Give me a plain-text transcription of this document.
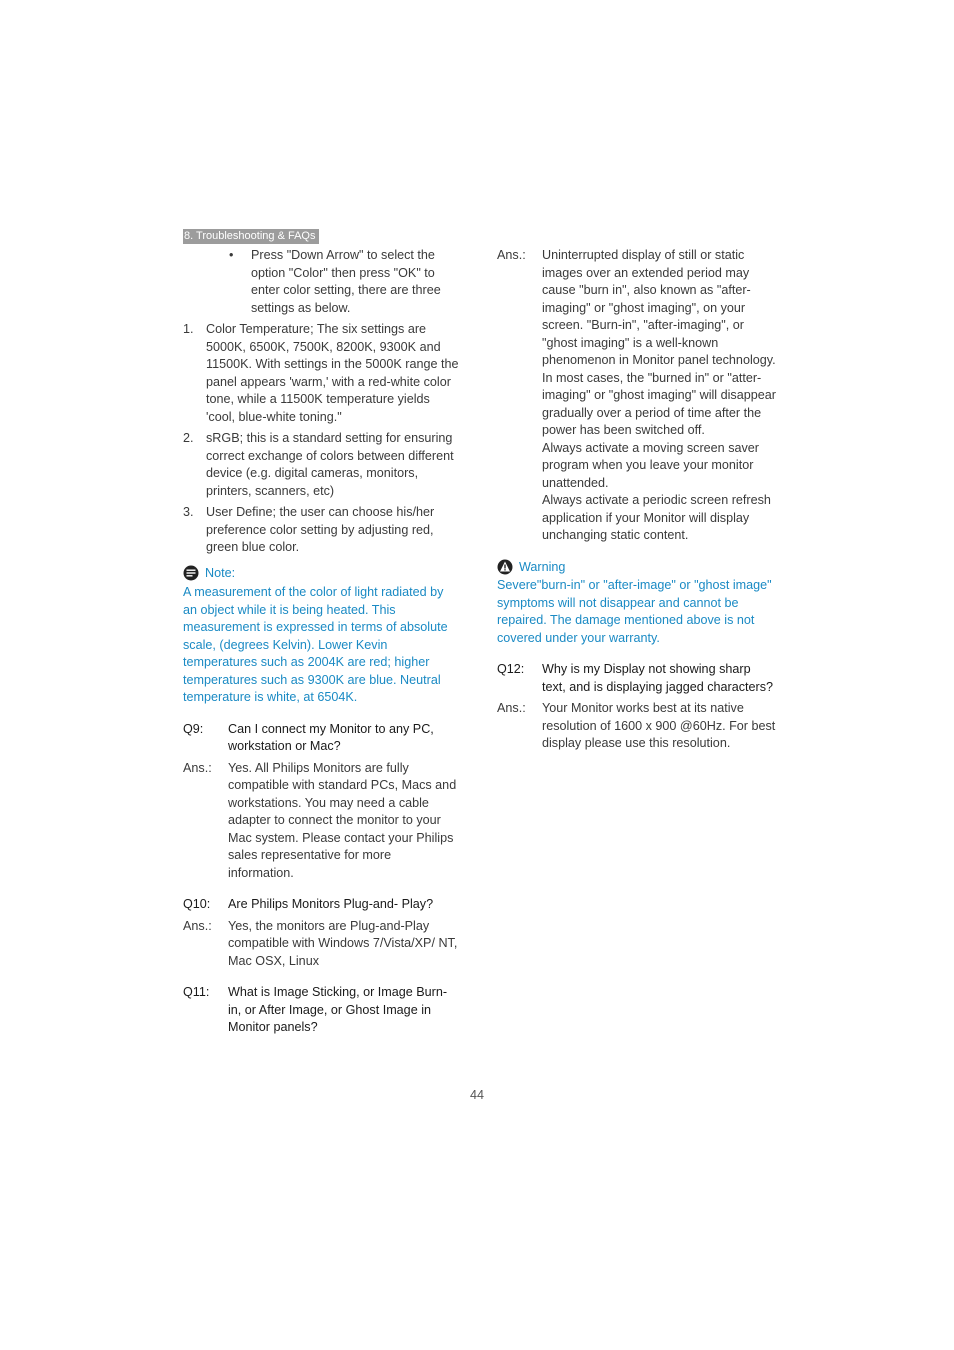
8. Troubleshooting & FAQs
•	Press "Down Arrow" to select the option "Color" then press "OK" to enter color setting, there are three settings as below.

1. Color Temperature; The six settings are 5000K, 6500K, 7500K, 8200K, 9300K and 11500K. With settings in the 5000K range the panel appears 'warm,' with a red-white color tone, while a 11500K temperature yields 'cool, blue-white toning."

2. sRGB; this is a standard setting for ensuring correct exchange of colors between different device (e.g. digital cameras, monitors, printers, scanners, etc)

3. User Define; the user can choose his/her preference color setting by adjusting red, green blue color.

Note:

A measurement of the color of light radiated by an object while it is being heated. This measurement is expressed in terms of absolute scale, (degrees Kelvin). Lower Kevin temperatures such as 2004K are red; higher temperatures such as 9300K are blue. Neutral temperature is white, at 6504K.

Q9:	Can I connect my Monitor to any PC, workstation or Mac?

Ans.:	Yes. All Philips Monitors are fully compatible with standard PCs, Macs and workstations. You may need a cable adapter to connect the monitor to your Mac system. Please contact your Philips sales representative for more information.

Q10:	Are Philips Monitors Plug-and- Play?

Ans.:	Yes, the monitors are Plug-and-Play compatible with Windows 7/Vista/XP/ NT, Mac OSX, Linux

Q11:	What is Image Sticking, or Image Burn-in, or After Image, or Ghost Image in Monitor panels?

Ans.:	Uninterrupted display of still or static images over an extended period may cause "burn in", also known as "after-imaging" or "ghost imaging", on your screen. "Burn-in", "after-imaging", or "ghost imaging" is a well-known phenomenon in Monitor panel technology. In most cases, the "burned in" or "atter-imaging" or "ghost imaging" will disappear gradually over a period of time after the power has been switched off.

Always activate a moving screen saver program when you leave your monitor unattended.

Always activate a periodic screen refresh application if your Monitor will display unchanging static content.

Warning

Severe"burn-in" or "after-image" or "ghost image" symptoms will not disappear and cannot be repaired. The damage mentioned above is not covered under your warranty.

Q12:	Why is my Display not showing sharp text, and is displaying jagged characters?

Ans.:	Your Monitor works best at its native resolution of 1600 x 900 @60Hz. For best display please use this resolution.

44
